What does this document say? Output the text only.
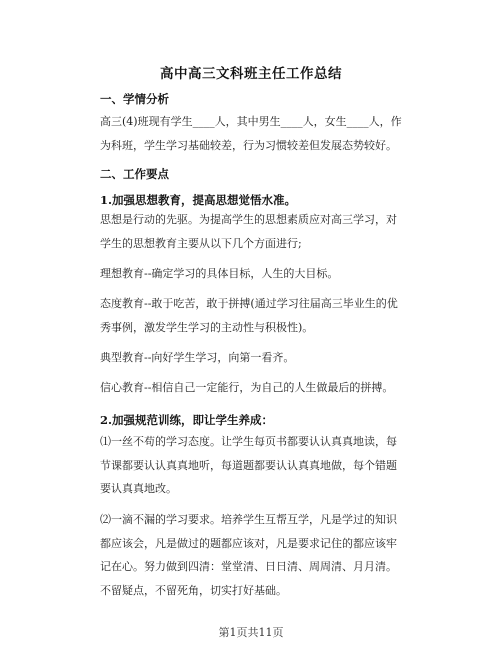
高中高三文科班主任工作总结
一、学情分析
高三(4)班现有学生____人，其中男生____人，女生____人，作为科班，学生学习基础较差，行为习惯较差但发展态势较好。
二、工作要点
1.加强思想教育，提高思想觉悟水准。
思想是行动的先驱。为提高学生的思想素质应对高三学习，对学生的思想教育主要从以下几个方面进行;
理想教育--确定学习的具体目标，人生的大目标。
态度教育--敢于吃苦，敢于拼搏(通过学习往届高三毕业生的优秀事例，激发学生学习的主动性与积极性)。
典型教育--向好学生学习，向第一看齐。
信心教育--相信自己一定能行，为自己的人生做最后的拼搏。
2.加强规范训练，即让学生养成：
⑴一丝不苟的学习态度。让学生每页书都要认认真真地读，每节课都要认认真真地听，每道题都要认认真真地做，每个错题要认真真地改。
⑵一滴不漏的学习要求。培养学生互帮互学，凡是学过的知识都应该会，凡是做过的题都应该对，凡是要求记住的都应该牢记在心。努力做到四清：堂堂清、日日清、周周清、月月清。不留疑点，不留死角，切实打好基础。
第1页共11页
